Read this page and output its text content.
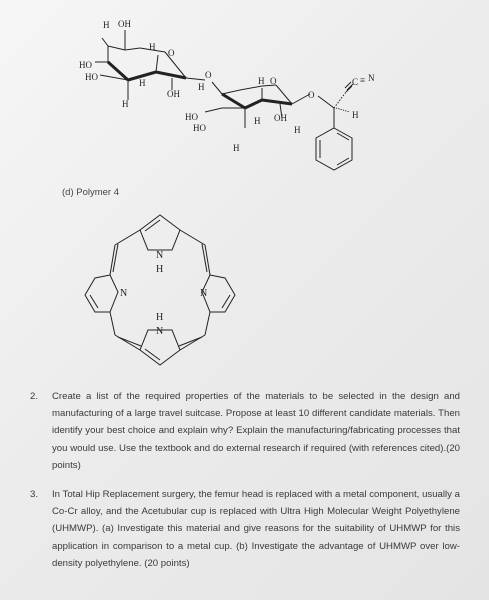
H OH
H
O
HO
HO
H
OH
H
O
H
H O
HO
HO
H OH
H
H
O
C ≡ N
H
(d) Polymer 4
N
H
N	N
H
N
2. Create a list of the required properties of the materials to be selected in the design and manufacturing of a large travel suitcase. Propose at least 10 different candidate materials. Then identify your best choice and explain why? Explain the manufacturing/fabricating processes that you would use. Use the textbook and do external research if required (with references cited).(20 points)
3. In Total Hip Replacement surgery, the femur head is replaced with a metal component, usually a Co-Cr alloy, and the Acetubular cup is replaced with Ultra High Molecular Weight Polyethylene (UHMWP). (a) Investigate this material and give reasons for the suitability of UHMWP for this application in comparison to a metal cup. (b) Investigate the advantage of UHMWP over low-density polyethylene. (20 points)
